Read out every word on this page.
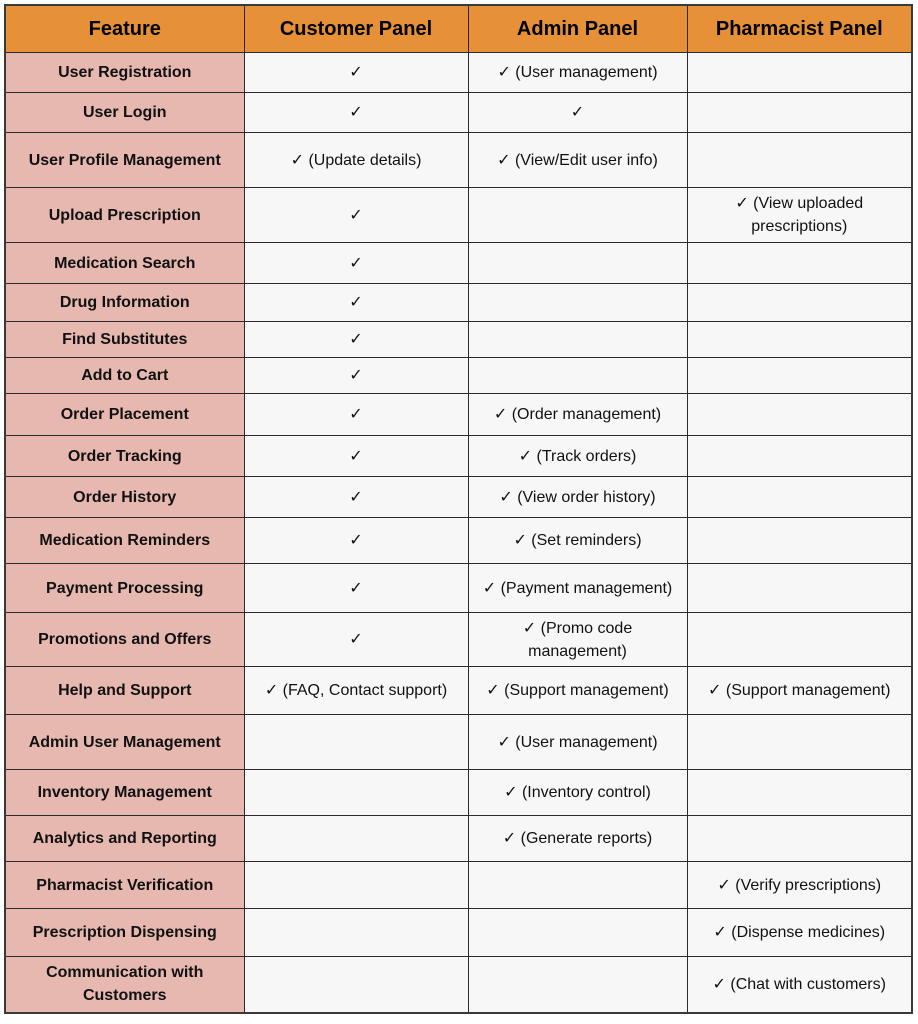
Feature	Customer Panel	Admin Panel	Pharmacist Panel
User Registration	✓	✓ (User management)	
User Login	✓	✓	
User Profile Management	✓ (Update details)	✓ (View/Edit user info)	
Upload Prescription	✓		✓ (View uploaded prescriptions)
Medication Search	✓		
Drug Information	✓		
Find Substitutes	✓		
Add to Cart	✓		
Order Placement	✓	✓ (Order management)	
Order Tracking	✓	✓ (Track orders)	
Order History	✓	✓ (View order history)	
Medication Reminders	✓	✓ (Set reminders)	
Payment Processing	✓	✓ (Payment management)	
Promotions and Offers	✓	✓ (Promo code management)	
Help and Support	✓ (FAQ, Contact support)	✓ (Support management)	✓ (Support management)
Admin User Management		✓ (User management)	
Inventory Management		✓ (Inventory control)	
Analytics and Reporting		✓ (Generate reports)	
Pharmacist Verification			✓ (Verify prescriptions)
Prescription Dispensing			✓ (Dispense medicines)
Communication with Customers			✓ (Chat with customers)
